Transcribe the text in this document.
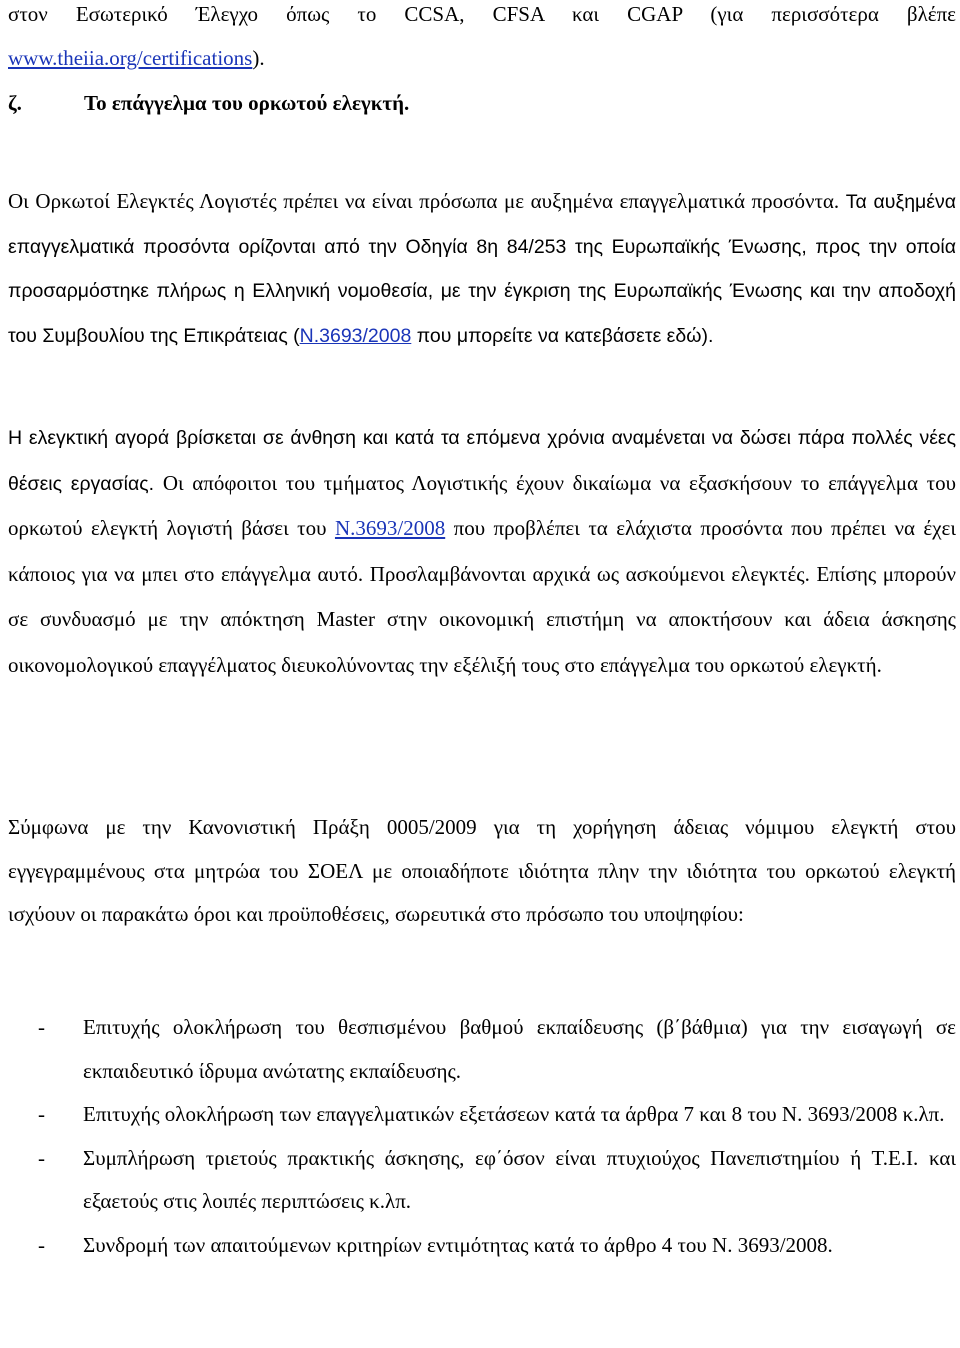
στον Εσωτερικό Έλεγχο όπως το CCSA, CFSA και CGAP (για περισσότερα βλέπε www.theiia.org/certifications).

ζ.	Το επάγγελμα του ορκωτού ελεγκτή.

Οι Ορκωτοί Ελεγκτές Λογιστές πρέπει να είναι πρόσωπα με αυξημένα επαγγελματικά προσόντα. Τα αυξημένα επαγγελματικά προσόντα ορίζονται από την Οδηγία 8η 84/253 της Ευρωπαϊκής Ένωσης, προς την οποία προσαρμόστηκε πλήρως η Ελληνική νομοθεσία, με την έγκριση της Ευρωπαϊκής Ένωσης και την αποδοχή του Συμβουλίου της Επικράτειας (Ν.3693/2008 που μπορείτε να κατεβάσετε εδώ).

Η ελεγκτική αγορά βρίσκεται σε άνθηση και κατά τα επόμενα χρόνια αναμένεται να δώσει πάρα πολλές νέες θέσεις εργασίας. Οι απόφοιτοι του τμήματος Λογιστικής έχουν δικαίωμα να εξασκήσουν το επάγγελμα του ορκωτού ελεγκτή λογιστή βάσει του Ν.3693/2008 που προβλέπει τα ελάχιστα προσόντα που πρέπει να έχει κάποιος για να μπει στο επάγγελμα αυτό. Προσλαμβάνονται αρχικά ως ασκούμενοι ελεγκτές. Επίσης μπορούν σε συνδυασμό με την απόκτηση Master στην οικονομική επιστήμη να αποκτήσουν και άδεια άσκησης οικονομολογικού επαγγέλματος διευκολύνοντας την εξέλιξή τους στο επάγγελμα του ορκωτού ελεγκτή.

Σύμφωνα με την Κανονιστική Πράξη 0005/2009 για τη χορήγηση άδειας νόμιμου ελεγκτή στου εγγεγραμμένους στα μητρώα του ΣΟΕΛ με οποιαδήποτε ιδιότητα πλην την ιδιότητα του ορκωτού ελεγκτή ισχύουν οι παρακάτω όροι και προϋποθέσεις, σωρευτικά στο πρόσωπο του υποψηφίου:

- Επιτυχής ολοκλήρωση του θεσπισμένου βαθμού εκπαίδευσης (β΄βάθμια) για την εισαγωγή σε εκπαιδευτικό ίδρυμα ανώτατης εκπαίδευσης.
- Επιτυχής ολοκλήρωση των επαγγελματικών εξετάσεων κατά τα άρθρα 7 και 8 του Ν. 3693/2008 κ.λπ.
- Συμπλήρωση τριετούς πρακτικής άσκησης, εφ΄όσον είναι πτυχιούχος Πανεπιστημίου ή Τ.Ε.Ι. και εξαετούς στις λοιπές περιπτώσεις κ.λπ.
- Συνδρομή των απαιτούμενων κριτηρίων εντιμότητας κατά το άρθρο 4 του Ν. 3693/2008.
